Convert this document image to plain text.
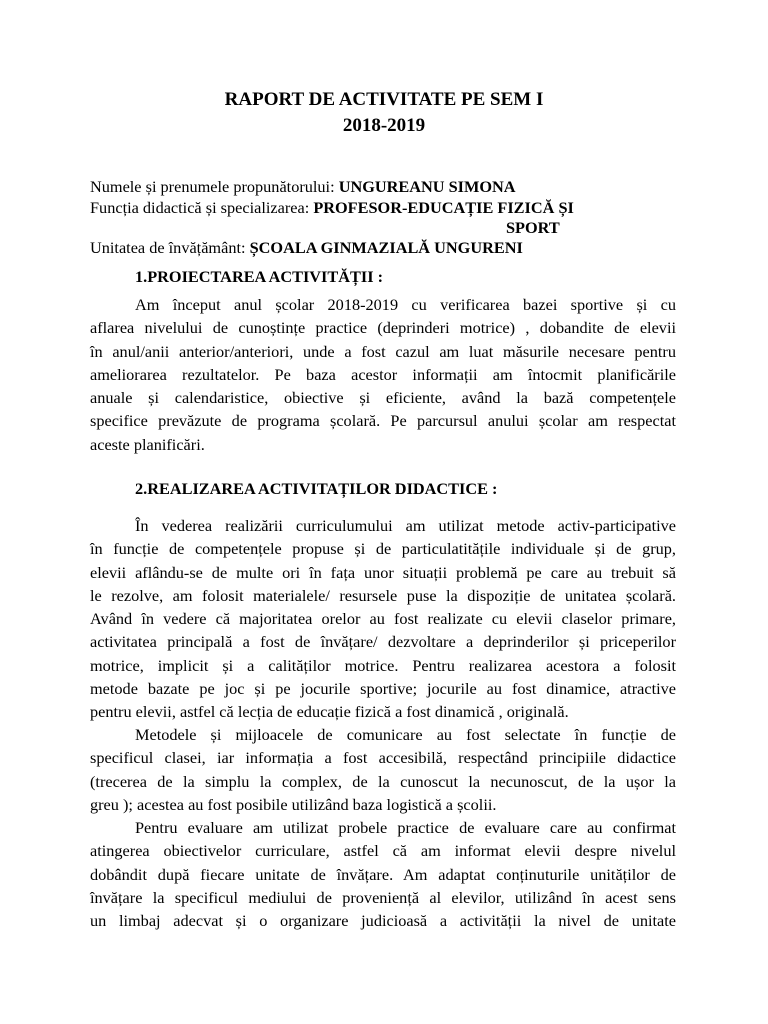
RAPORT DE ACTIVITATE PE SEM I
2018-2019
Numele și prenumele propunătorului: UNGUREANU SIMONA
Funcția didactică și specializarea: PROFESOR-EDUCAȚIE FIZICĂ ȘI
SPORT
Unitatea de învățământ: ȘCOALA GINMAZIALĂ UNGURENI
1.PROIECTAREA ACTIVITĂȚII :
Am început anul școlar 2018-2019 cu verificarea bazei sportive și cu
aflarea nivelului de cunoștințe practice (deprinderi motrice) , dobandite de elevii
în anul/anii anterior/anteriori, unde a fost cazul am luat măsurile necesare pentru
ameliorarea rezultatelor. Pe baza acestor informații am întocmit planificările
anuale și calendaristice, obiective și eficiente, având la bază competențele
specifice prevăzute de programa școlară. Pe parcursul anului școlar am respectat
aceste planificări.
2.REALIZAREA ACTIVITAȚILOR DIDACTICE :
În vederea realizării curriculumului am utilizat metode activ-participative
în funcție de competențele propuse și de particulatitățile individuale și de grup,
elevii aflându-se de multe ori în fața unor situații problemă pe care au trebuit să
le rezolve, am folosit materialele/ resursele puse la dispoziție de unitatea școlară.
Având în vedere că majoritatea orelor au fost realizate cu elevii claselor primare,
activitatea principală a fost de învățare/ dezvoltare a deprinderilor și priceperilor
motrice, implicit și a calităților motrice. Pentru realizarea acestora a folosit
metode bazate pe joc și pe jocurile sportive; jocurile au fost dinamice, atractive
pentru elevii, astfel că lecția de educație fizică a fost dinamică , originală.
Metodele și mijloacele de comunicare au fost selectate în funcție de
specificul clasei, iar informația a fost accesibilă, respectând principiile didactice
(trecerea de la simplu la complex, de la cunoscut la necunoscut, de la ușor la
greu ); acestea au fost posibile utilizând baza logistică a școlii.
Pentru evaluare am utilizat probele practice de evaluare care au confirmat
atingerea obiectivelor curriculare, astfel că am informat elevii despre nivelul
dobândit după fiecare unitate de învățare. Am adaptat conținuturile unităților de
învățare la specificul mediului de proveniență al elevilor, utilizând în acest sens
un limbaj adecvat și o organizare judicioasă a activității la nivel de unitate
